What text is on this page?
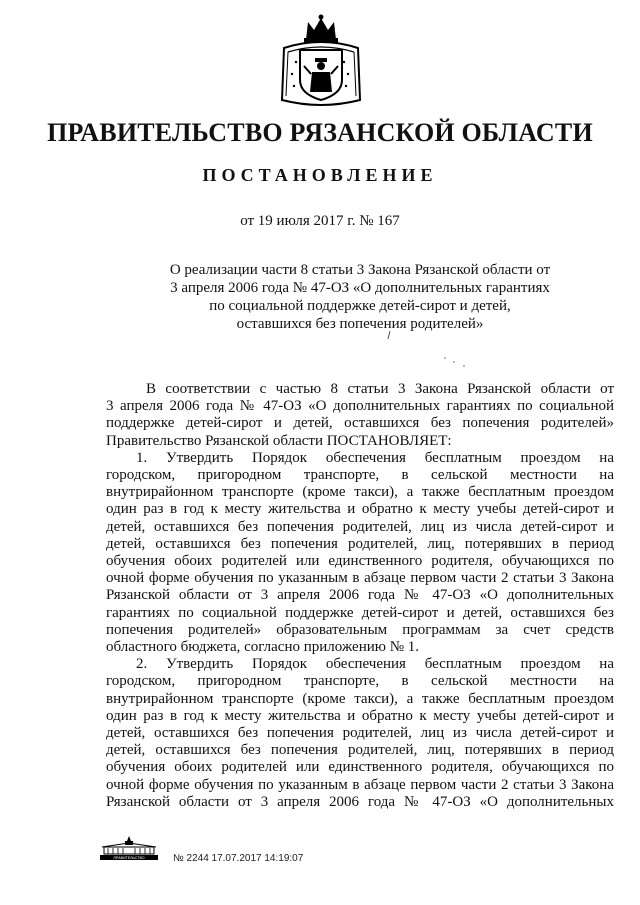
ПРАВИТЕЛЬСТВО РЯЗАНСКОЙ ОБЛАСТИ
ПОСТАНОВЛЕНИЕ
от 19 июля 2017 г. № 167
О реализации части 8 статьи 3 Закона Рязанской области от
3 апреля 2006 года № 47-ОЗ «О дополнительных гарантиях
по социальной поддержке детей-сирот и детей,
оставшихся без попечения родителей»
В соответствии с частью 8 статьи 3 Закона Рязанской области от
3 апреля 2006 года № 47-ОЗ «О дополнительных гарантиях по социальной
поддержке детей-сирот и детей, оставшихся без попечения родителей»
Правительство Рязанской области ПОСТАНОВЛЯЕТ:
1. Утвердить Порядок обеспечения бесплатным проездом на
городском, пригородном транспорте, в сельской местности на
внутрирайонном транспорте (кроме такси), а также бесплатным проездом
один раз в год к месту жительства и обратно к месту учебы детей-сирот и
детей, оставшихся без попечения родителей, лиц из числа детей-сирот и
детей, оставшихся без попечения родителей, лиц, потерявших в период
обучения обоих родителей или единственного родителя, обучающихся по
очной форме обучения по указанным в абзаце первом части 2 статьи 3 Закона
Рязанской области от 3 апреля 2006 года № 47-ОЗ «О дополнительных
гарантиях по социальной поддержке детей-сирот и детей, оставшихся без
попечения родителей» образовательным программам за счет средств
областного бюджета, согласно приложению № 1.
2. Утвердить Порядок обеспечения бесплатным проездом на
городском, пригородном транспорте, в сельской местности на
внутрирайонном транспорте (кроме такси), а также бесплатным проездом
один раз в год к месту жительства и обратно к месту учебы детей-сирот и
детей, оставшихся без попечения родителей, лиц из числа детей-сирот и
детей, оставшихся без попечения родителей, лиц, потерявших в период
обучения обоих родителей или единственного родителя, обучающихся по
очной форме обучения по указанным в абзаце первом части 2 статьи 3 Закона
Рязанской области от 3 апреля 2006 года № 47-ОЗ «О дополнительных
ПРАВИТЕЛЬСТВО	№ 2244 17.07.2017 14:19:07
